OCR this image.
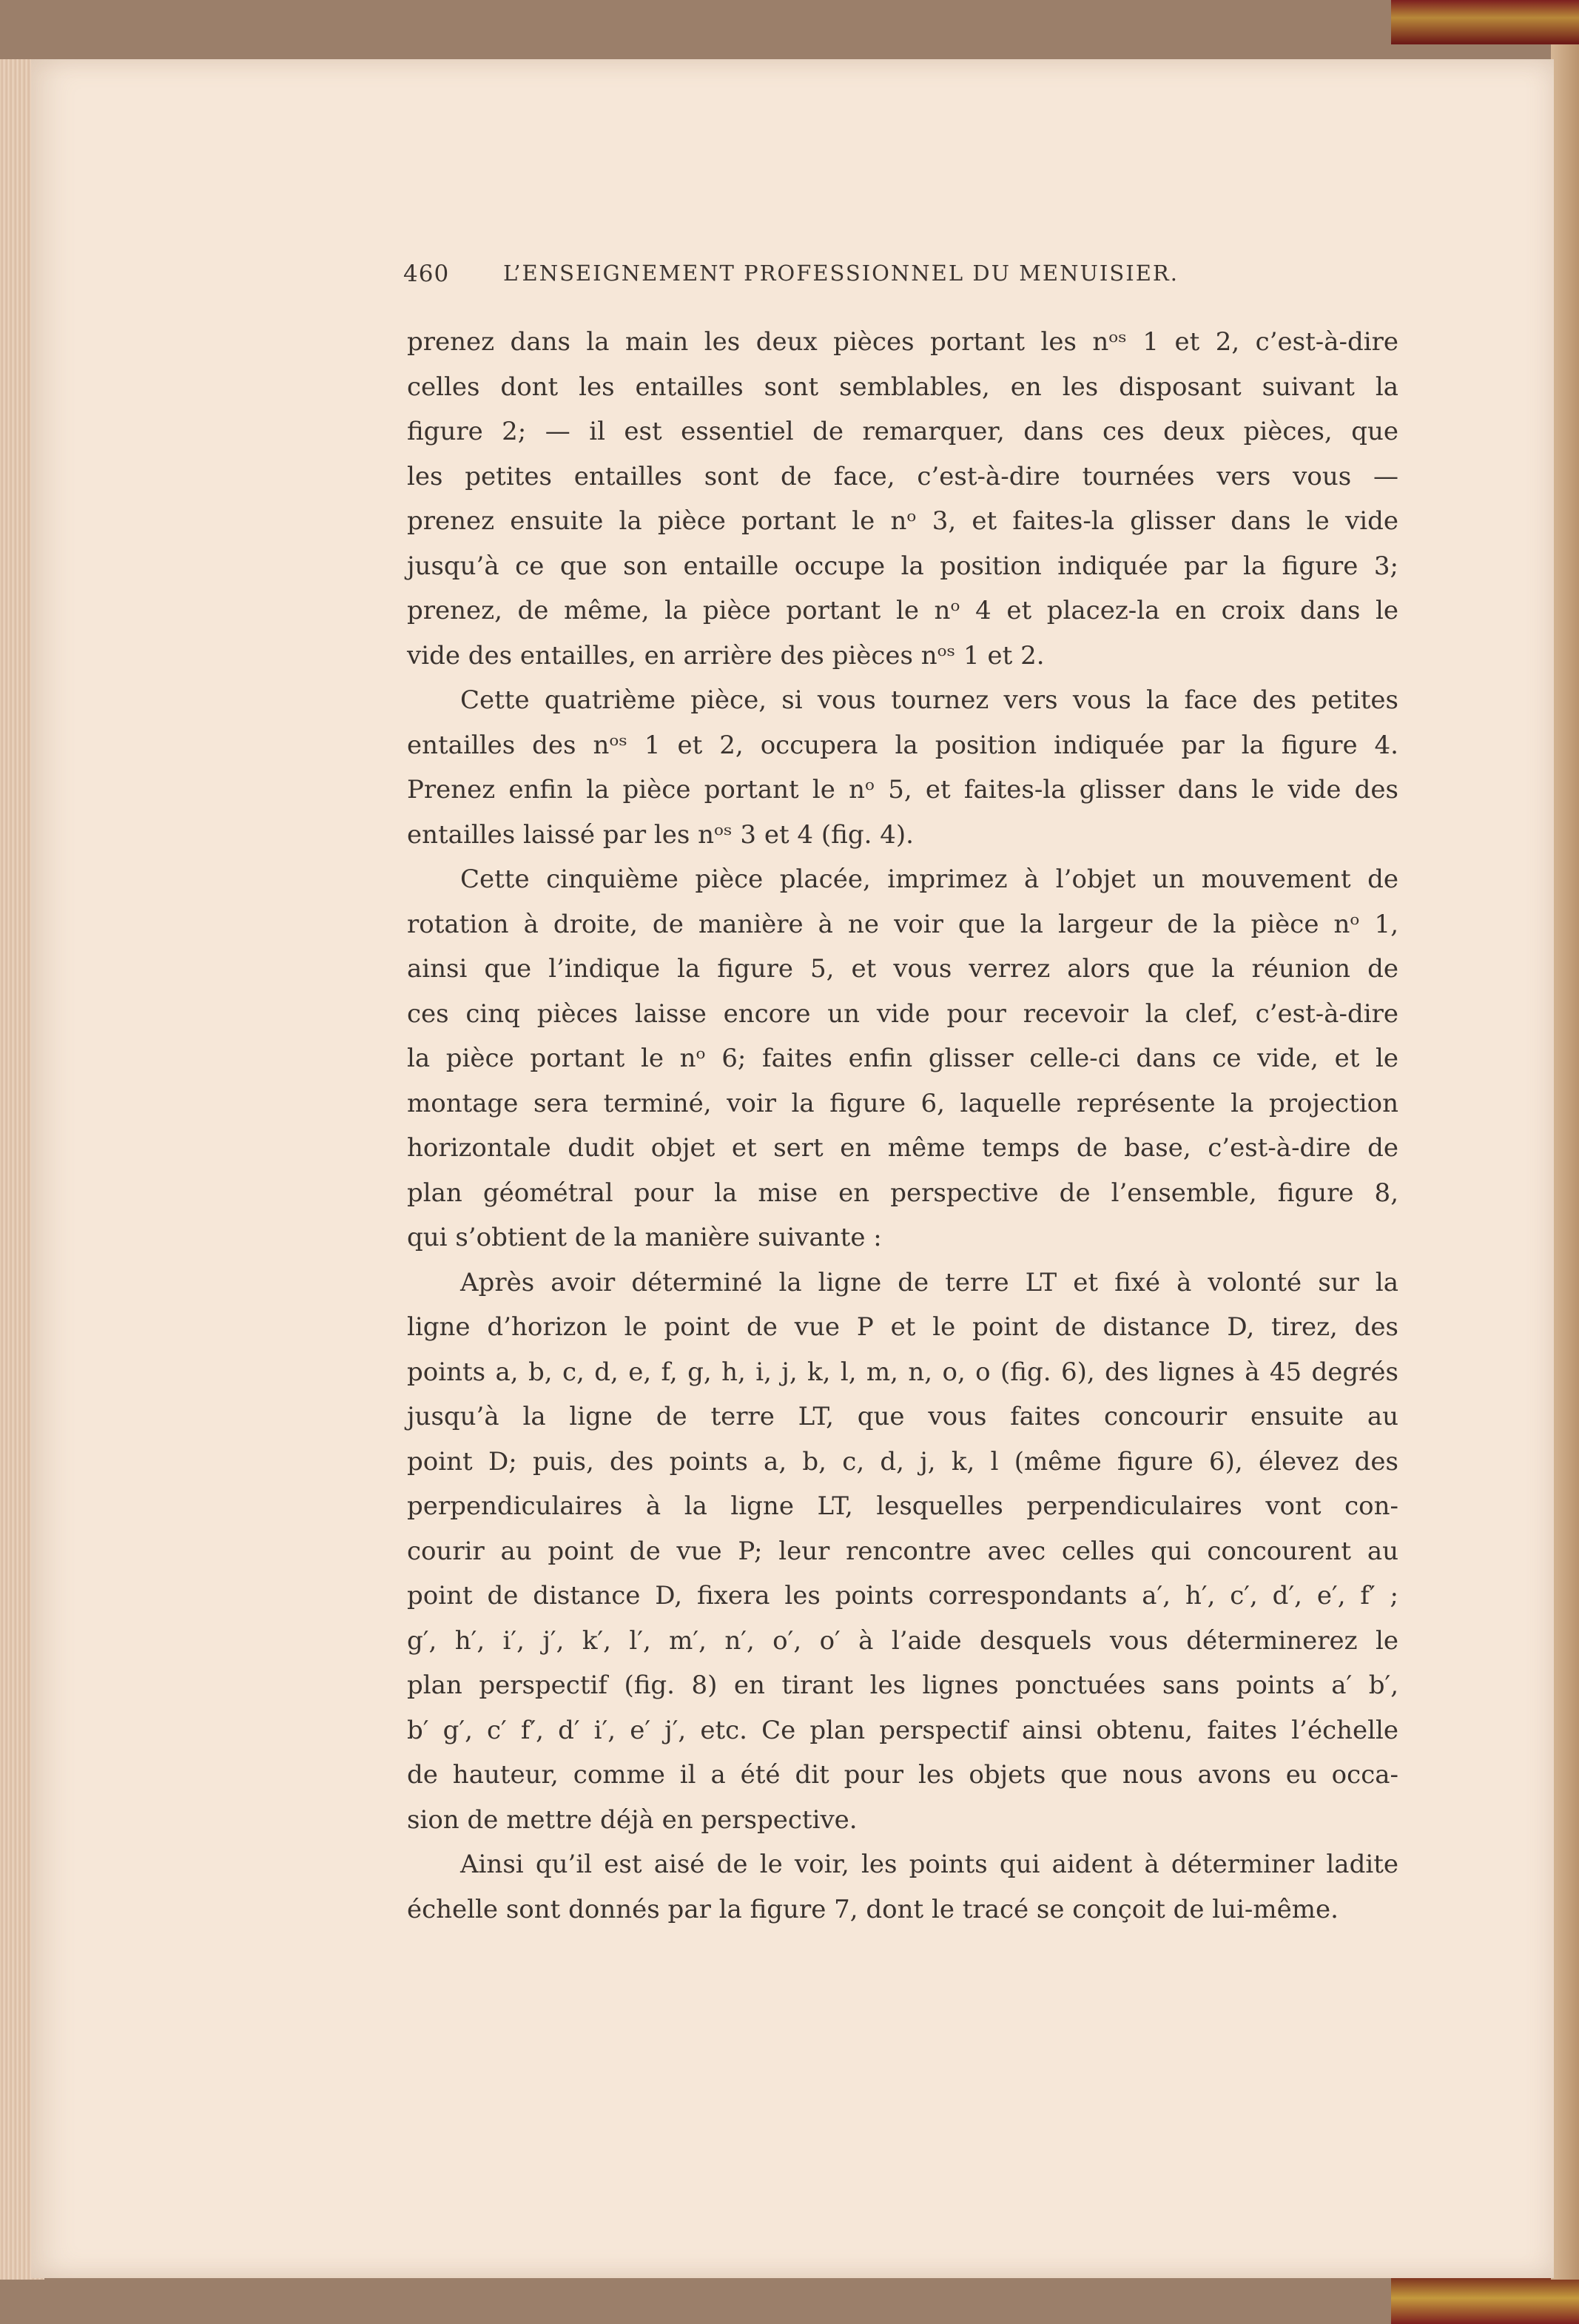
460	L’ENSEIGNEMENT PROFESSIONNEL DU MENUISIER.
prenez dans la main les deux pièces portant les nᵒˢ 1 et 2, c’est-à-dire
celles dont les entailles sont semblables, en les disposant suivant la
figure 2; — il est essentiel de remarquer, dans ces deux pièces, que
les petites entailles sont de face, c’est-à-dire tournées vers vous —
prenez ensuite la pièce portant le nᵒ 3, et faites-la glisser dans le vide
jusqu’à ce que son entaille occupe la position indiquée par la figure 3;
prenez, de même, la pièce portant le nᵒ 4 et placez-la en croix dans le
vide des entailles, en arrière des pièces nᵒˢ 1 et 2.
Cette quatrième pièce, si vous tournez vers vous la face des petites
entailles des nᵒˢ 1 et 2, occupera la position indiquée par la figure 4.
Prenez enfin la pièce portant le nᵒ 5, et faites-la glisser dans le vide des
entailles laissé par les nᵒˢ 3 et 4 (fig. 4).
Cette cinquième pièce placée, imprimez à l’objet un mouvement de
rotation à droite, de manière à ne voir que la largeur de la pièce nᵒ 1,
ainsi que l’indique la figure 5, et vous verrez alors que la réunion de
ces cinq pièces laisse encore un vide pour recevoir la clef, c’est-à-dire
la pièce portant le nᵒ 6; faites enfin glisser celle-ci dans ce vide, et le
montage sera terminé, voir la figure 6, laquelle représente la projection
horizontale dudit objet et sert en même temps de base, c’est-à-dire de
plan géométral pour la mise en perspective de l’ensemble, figure 8,
qui s’obtient de la manière suivante :
Après avoir déterminé la ligne de terre LT et fixé à volonté sur la
ligne d’horizon le point de vue P et le point de distance D, tirez, des
points a, b, c, d, e, f, g, h, i, j, k, l, m, n, o, o (fig. 6), des lignes à 45 degrés
jusqu’à la ligne de terre LT, que vous faites concourir ensuite au
point D; puis, des points a, b, c, d, j, k, l (même figure 6), élevez des
perpendiculaires à la ligne LT, lesquelles perpendiculaires vont con-
courir au point de vue P; leur rencontre avec celles qui concourent au
point de distance D, fixera les points correspondants a′, h′, c′, d′, e′, f′ ;
g′, h′, i′, j′, k′, l′, m′, n′, o′, o′ à l’aide desquels vous déterminerez le
plan perspectif (fig. 8) en tirant les lignes ponctuées sans points a′ b′,
b′ g′, c′ f′, d′ i′, e′ j′, etc. Ce plan perspectif ainsi obtenu, faites l’échelle
de hauteur, comme il a été dit pour les objets que nous avons eu occa-
sion de mettre déjà en perspective.
Ainsi qu’il est aisé de le voir, les points qui aident à déterminer ladite
échelle sont donnés par la figure 7, dont le tracé se conçoit de lui-même.
